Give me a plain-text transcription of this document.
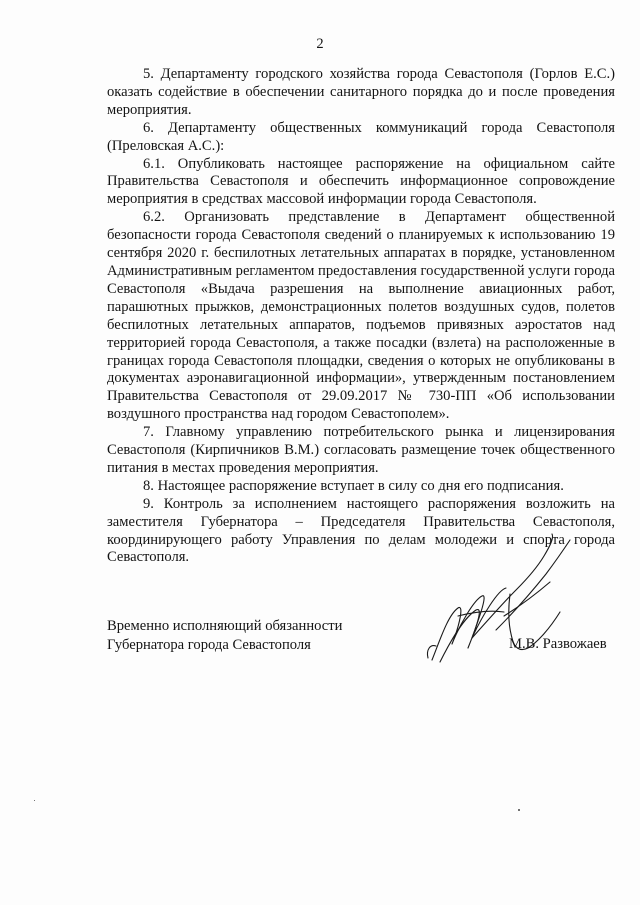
2

5. Департаменту городского хозяйства города Севастополя (Горлов Е.С.) оказать содействие в обеспечении санитарного порядка до и после проведения мероприятия.

6. Департаменту общественных коммуникаций города Севастополя (Преловская А.С.):

6.1. Опубликовать настоящее распоряжение на официальном сайте Правительства Севастополя и обеспечить информационное сопровождение мероприятия в средствах массовой информации города Севастополя.

6.2. Организовать представление в Департамент общественной безопасности города Севастополя сведений о планируемых к использованию 19 сентября 2020 г. беспилотных летательных аппаратах в порядке, установленном Административным регламентом предоставления государственной услуги города Севастополя «Выдача разрешения на выполнение авиационных работ, парашютных прыжков, демонстрационных полетов воздушных судов, полетов беспилотных летательных аппаратов, подъемов привязных аэростатов над территорией города Севастополя, а также посадки (взлета) на расположенные в границах города Севастополя площадки, сведения о которых не опубликованы в документах аэронавигационной информации», утвержденным постановлением Правительства Севастополя от 29.09.2017 № 730-ПП «Об использовании воздушного пространства над городом Севастополем».

7. Главному управлению потребительского рынка и лицензирования Севастополя (Кирпичников В.М.) согласовать размещение точек общественного питания в местах проведения мероприятия.

8. Настоящее распоряжение вступает в силу со дня его подписания.

9. Контроль за исполнением настоящего распоряжения возложить на заместителя Губернатора – Председателя Правительства Севастополя, координирующего работу Управления по делам молодежи и спорта города Севастополя.

Временно исполняющий обязанности
Губернатора города Севастополя	М.В. Развожаев
